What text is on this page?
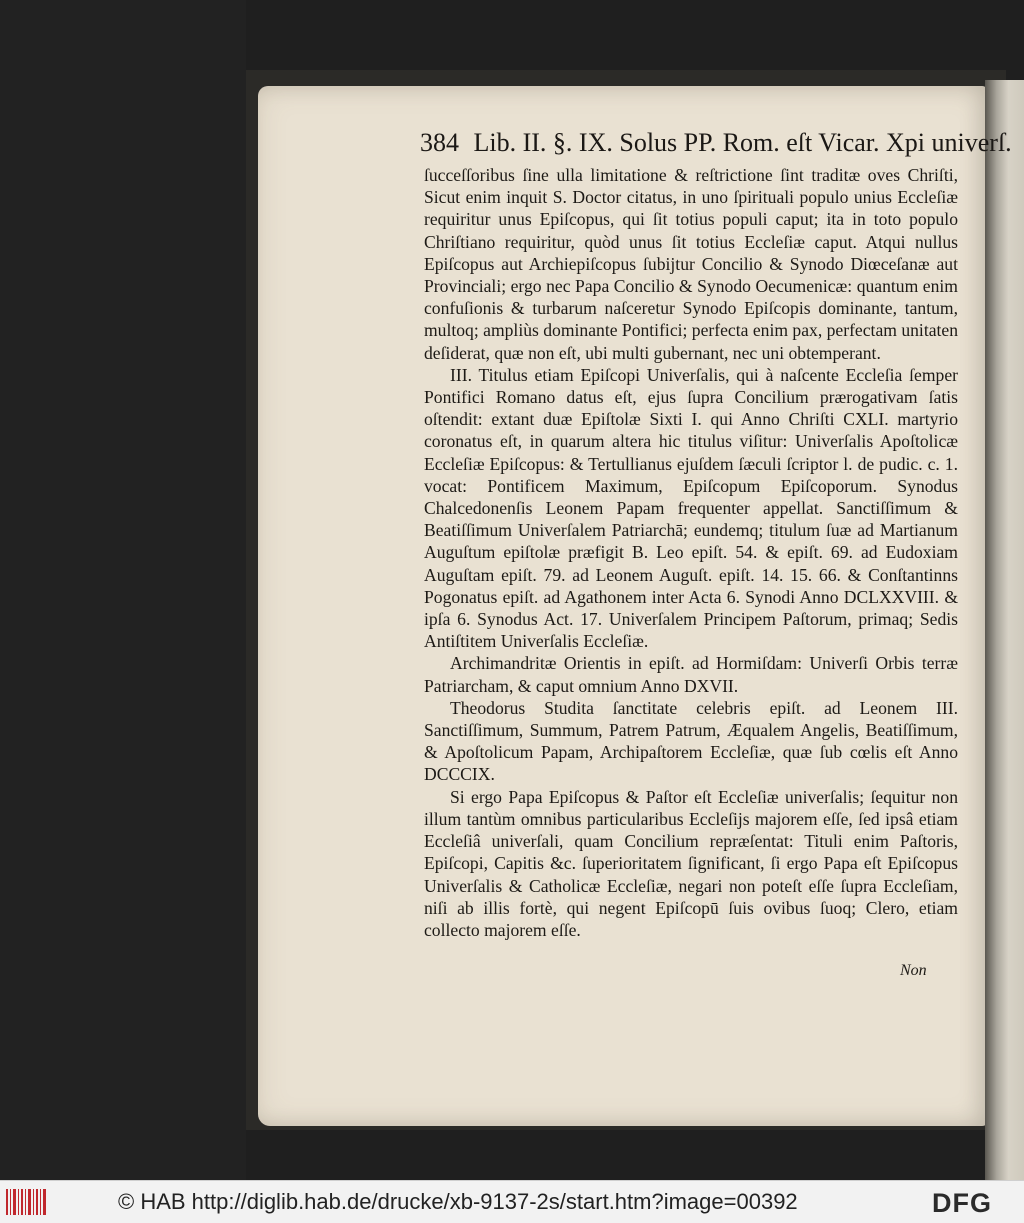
384 Lib. II. §. IX. Solus PP. Rom. eſt Vicar. Xpi univerſ.

ſucceſſoribus ſine ulla limitatione & reſtrictione ſint traditæ oves Chriſti, Sicut enim inquit S. Doctor citatus, in uno ſpirituali populo unius Eccleſiæ requiritur unus Epiſcopus, qui ſit totius populi caput; ita in toto populo Chriſtiano requiritur, quòd unus ſit totius Eccleſiæ caput. Atqui nullus Epiſcopus aut Archiepiſcopus ſubijtur Concilio & Synodo Diœceſanæ aut Provinciali; ergo nec Papa Concilio & Synodo Oecumenicæ: quantum enim confuſionis & turbarum naſceretur Synodo Epiſcopis dominante, tantum, multoq; ampliùs dominante Pontifici; perfecta enim pax, perfectam unitaten deſiderat, quæ non eſt, ubi multi gubernant, nec uni obtemperant.

III. Titulus etiam Epiſcopi Univerſalis, qui à naſcente Eccleſia ſemper Pontifici Romano datus eſt, ejus ſupra Concilium prærogativam ſatis oſtendit: extant duæ Epiſtolæ Sixti I. qui Anno Chriſti CXLI. martyrio coronatus eſt, in quarum altera hic titulus viſitur: Univerſalis Apoſtolicæ Eccleſiæ Epiſcopus: & Tertullianus ejuſdem ſæculi ſcriptor l. de pudic. c. 1. vocat: Pontificem Maximum, Epiſcopum Epiſcoporum. Synodus Chalcedonenſis Leonem Papam frequenter appellat. Sanctiſſimum & Beatiſſimum Univerſalem Patriarchā; eundemq; titulum ſuæ ad Martianum Auguſtum epiſtolæ præfigit B. Leo epiſt. 54. & epiſt. 69. ad Eudoxiam Auguſtam epiſt. 79. ad Leonem Auguſt. epiſt. 14. 15. 66. & Conſtantinns Pogonatus epiſt. ad Agathonem inter Acta 6. Synodi Anno DCLXXVIII. & ipſa 6. Synodus Act. 17. Univerſalem Principem Paſtorum, primaq; Sedis Antiſtitem Univerſalis Eccleſiæ.

Archimandritæ Orientis in epiſt. ad Hormiſdam: Univerſi Orbis terræ Patriarcham, & caput omnium Anno DXVII.

Theodorus Studita ſanctitate celebris epiſt. ad Leonem III. Sanctiſſimum, Summum, Patrem Patrum, Æqualem Angelis, Beatiſſimum, & Apoſtolicum Papam, Archipaſtorem Eccleſiæ, quæ ſub cœlis eſt Anno DCCCIX.

Si ergo Papa Epiſcopus & Paſtor eſt Eccleſiæ univerſalis; ſequitur non illum tantùm omnibus particularibus Eccleſijs majorem eſſe, ſed ipsâ etiam Eccleſiâ univerſali, quam Concilium repræſentat: Tituli enim Paſtoris, Epiſcopi, Capitis &c. ſuperioritatem ſignificant, ſi ergo Papa eſt Epiſcopus Univerſalis & Catholicæ Eccleſiæ, negari non poteſt eſſe ſupra Eccleſiam, niſi ab illis fortè, qui negent Epiſcopū ſuis ovibus ſuoq; Clero, etiam collecto majorem eſſe.

Non
© HAB http://diglib.hab.de/drucke/xb-9137-2s/start.htm?image=00392	DFG
